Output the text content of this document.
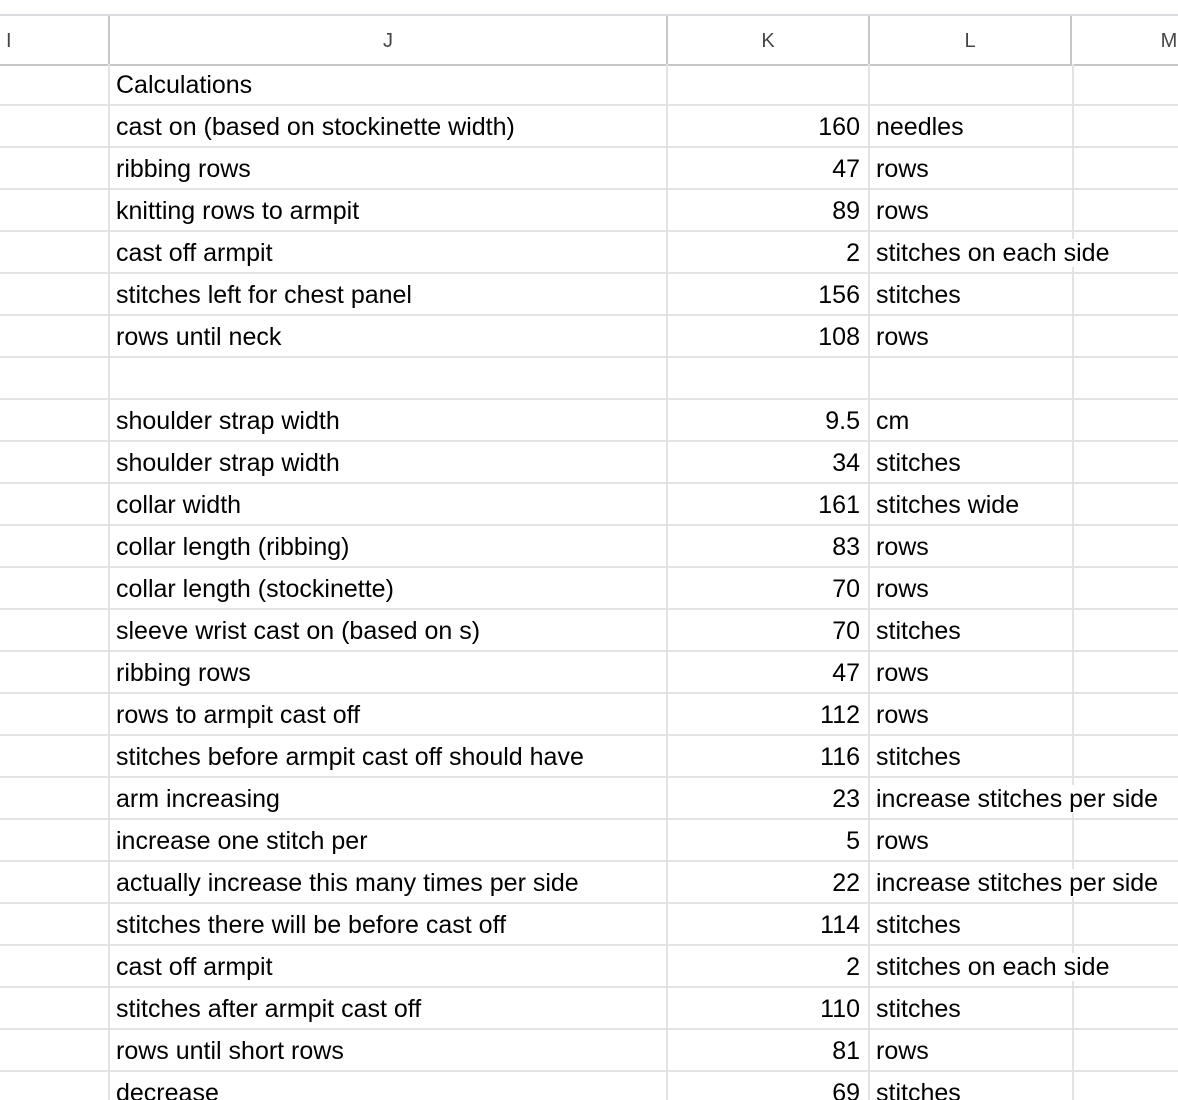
I	J	K	L	M
Calculations
cast on (based on stockinette width)	160 needles
ribbing rows	47 rows
knitting rows to armpit	89 rows
cast off armpit	2 stitches on each side
stitches left for chest panel	156 stitches
rows until neck	108 rows
shoulder strap width	9.5 cm
shoulder strap width	34 stitches
collar width	161 stitches wide
collar length (ribbing)	83 rows
collar length (stockinette)	70 rows
sleeve wrist cast on (based on s)	70 stitches
ribbing rows	47 rows
rows to armpit cast off	112 rows
stitches before armpit cast off should have	116 stitches
arm increasing	23 increase stitches per side
increase one stitch per	5 rows
actually increase this many times per side	22 increase stitches per side
stitches there will be before cast off	114 stitches
cast off armpit	2 stitches on each side
stitches after armpit cast off	110 stitches
rows until short rows	81 rows
decrease	69 stitches
